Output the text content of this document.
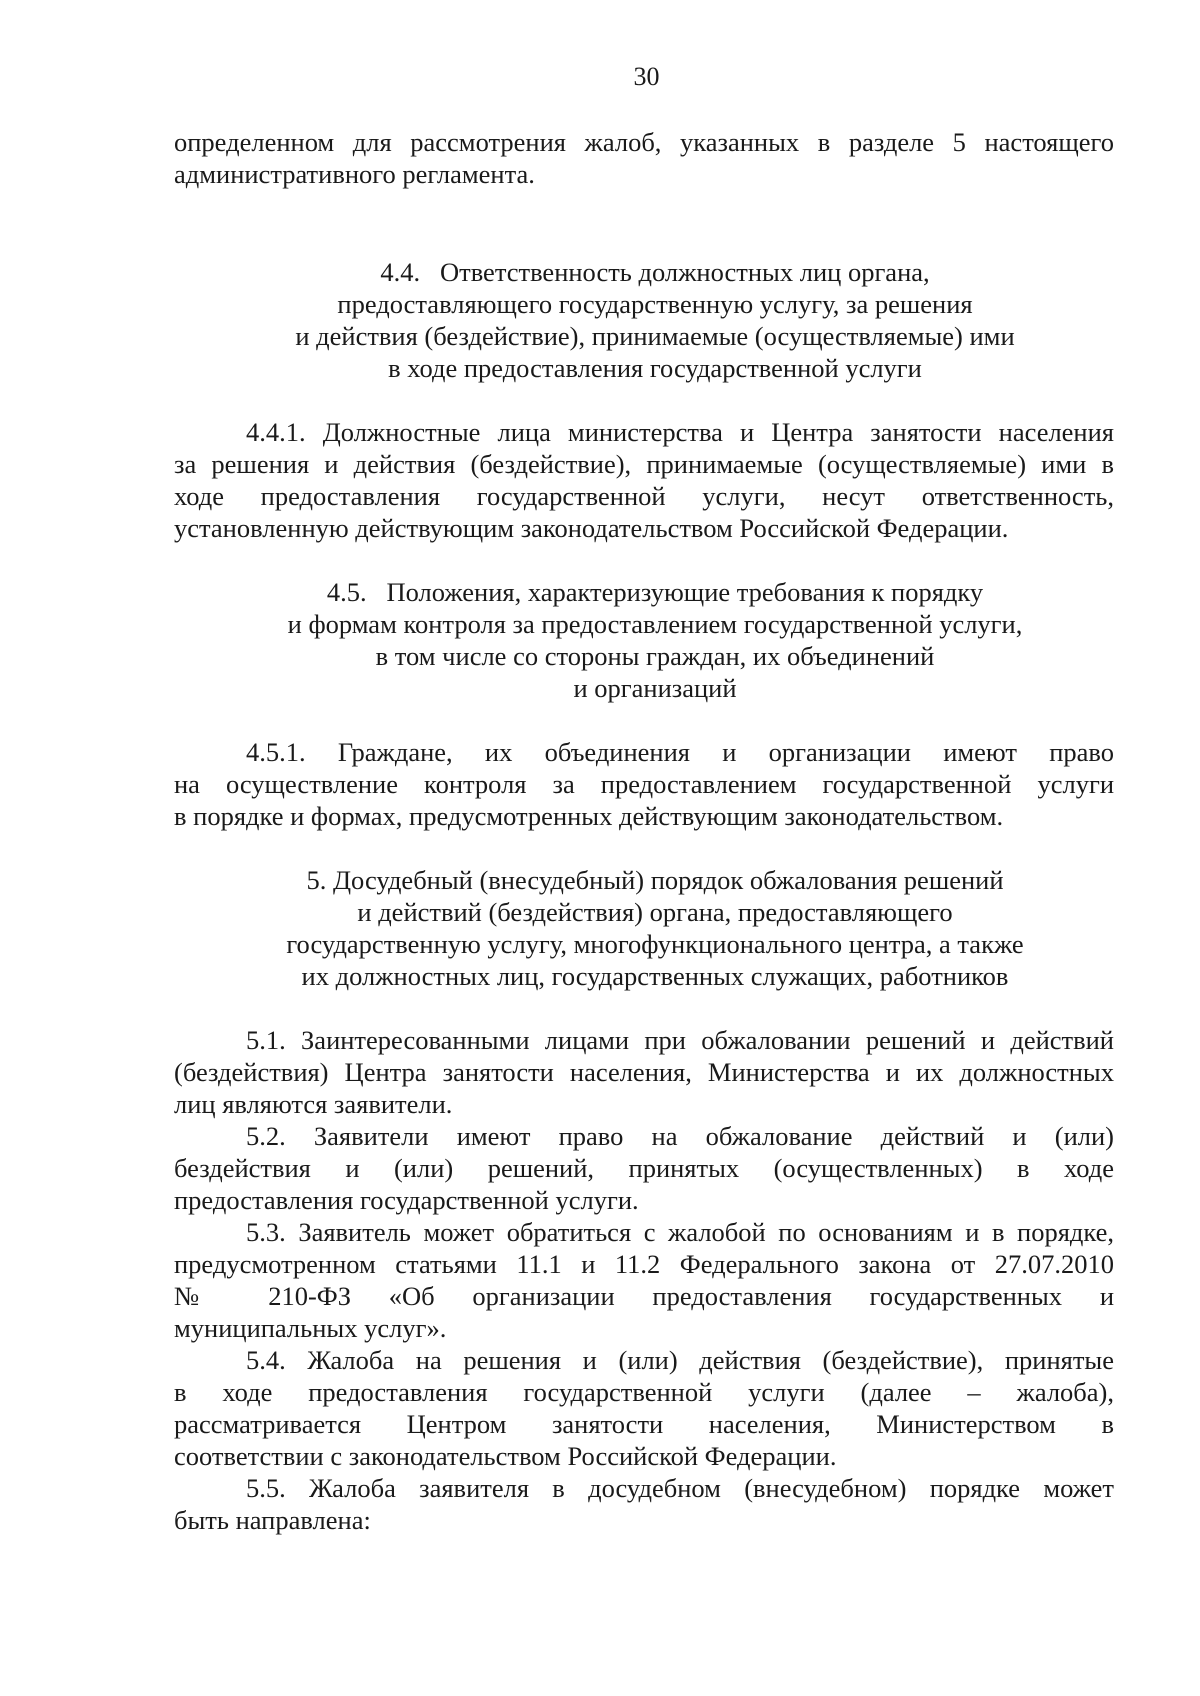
30

определенном для рассмотрения жалоб, указанных в разделе 5 настоящего
административного регламента.

4.4.   Ответственность должностных лиц органа,
предоставляющего государственную услугу, за решения
и действия (бездействие), принимаемые (осуществляемые) ими
в ходе предоставления государственной услуги

4.4.1. Должностные лица министерства и Центра занятости населения
за решения и действия (бездействие), принимаемые (осуществляемые) ими в
ходе предоставления государственной услуги, несут ответственность,
установленную действующим законодательством Российской Федерации.

4.5.   Положения, характеризующие требования к порядку
и формам контроля за предоставлением государственной услуги,
в том числе со стороны граждан, их объединений
и организаций

4.5.1. Граждане, их объединения и организации имеют право
на осуществление контроля за предоставлением государственной услуги
в порядке и формах, предусмотренных действующим законодательством.

5. Досудебный (внесудебный) порядок обжалования решений
и действий (бездействия) органа, предоставляющего
государственную услугу, многофункционального центра, а также
их должностных лиц, государственных служащих, работников

5.1. Заинтересованными лицами при обжаловании решений и действий
(бездействия) Центра занятости населения, Министерства и их должностных
лиц являются заявители.

5.2. Заявители имеют право на обжалование действий и (или)
бездействия и (или) решений, принятых (осуществленных) в ходе
предоставления государственной услуги.

5.3. Заявитель может обратиться с жалобой по основаниям и в порядке,
предусмотренном статьями 11.1 и 11.2 Федерального закона от 27.07.2010
№ 210-ФЗ «Об организации предоставления государственных и
муниципальных услуг».

5.4. Жалоба на решения и (или) действия (бездействие), принятые
в ходе предоставления государственной услуги (далее – жалоба),
рассматривается Центром занятости населения, Министерством в
соответствии с законодательством Российской Федерации.

5.5. Жалоба заявителя в досудебном (внесудебном) порядке может
быть направлена:
